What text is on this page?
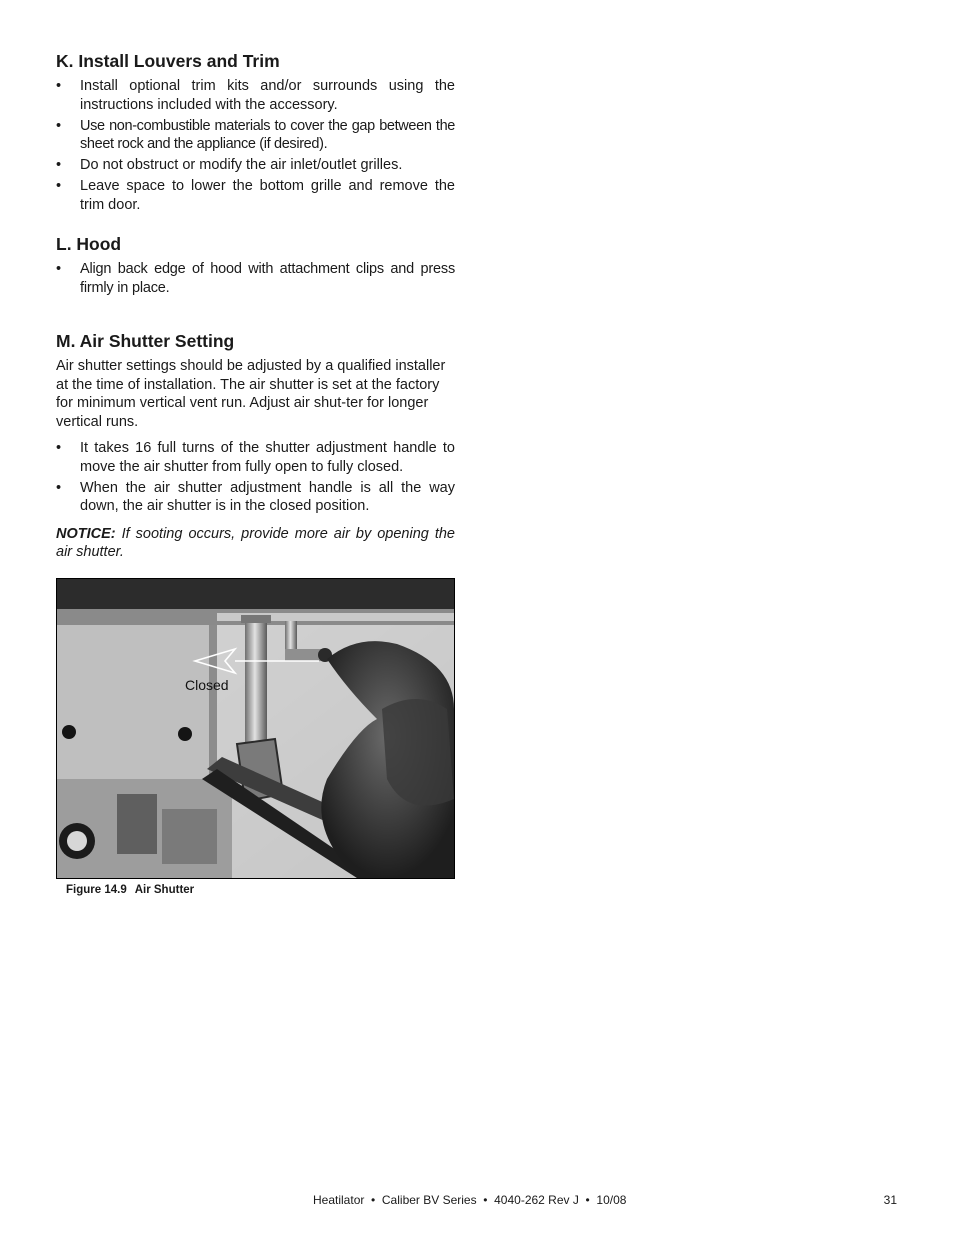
K. Install Louvers and Trim
• Install optional trim kits and/or surrounds using the instructions included with the accessory.
• Use non-combustible materials to cover the gap between the sheet rock and the appliance (if desired).
• Do not obstruct or modify the air inlet/outlet grilles.
• Leave space to lower the bottom grille and remove the trim door.
L. Hood
• Align back edge of hood with attachment clips and press firmly in place.
M. Air Shutter Setting

Air shutter settings should be adjusted by a qualified installer at the time of installation. The air shutter is set at the factory for minimum vertical vent run. Adjust air shut-ter for longer vertical runs.

• It takes 16 full turns of the shutter adjustment handle to move the air shutter from fully open to fully closed.
• When the air shutter adjustment handle is all the way down, the air shutter is in the closed position.

NOTICE: If sooting occurs, provide more air by opening the air shutter.

Closed
Figure 14.9 Air Shutter
Heatilator  •  Caliber BV Series  •  4040-262 Rev J  •  10/08	31
